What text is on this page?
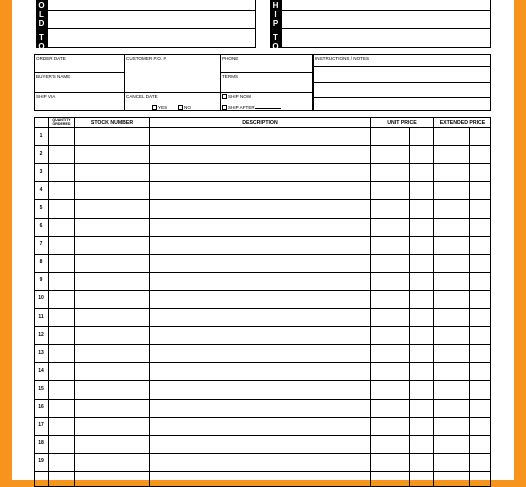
O
L
D
T
O
H
I
P
T
O
ORDER DATE	CUSTOMER P.O. #	PHONE
BUYER'S NAME	TERMS
SHIP VIA	CANCEL DATE
YES	NO
SHIP NOW
SHIP AFTER
INSTRUCTIONS / NOTES
QUANTITY
ORDERED	STOCK NUMBER	DESCRIPTION	UNIT PRICE	EXTENDED PRICE
1
2
3
4
5
6
7
8
9
10
11
12
13
14
15
16
17
18
19
